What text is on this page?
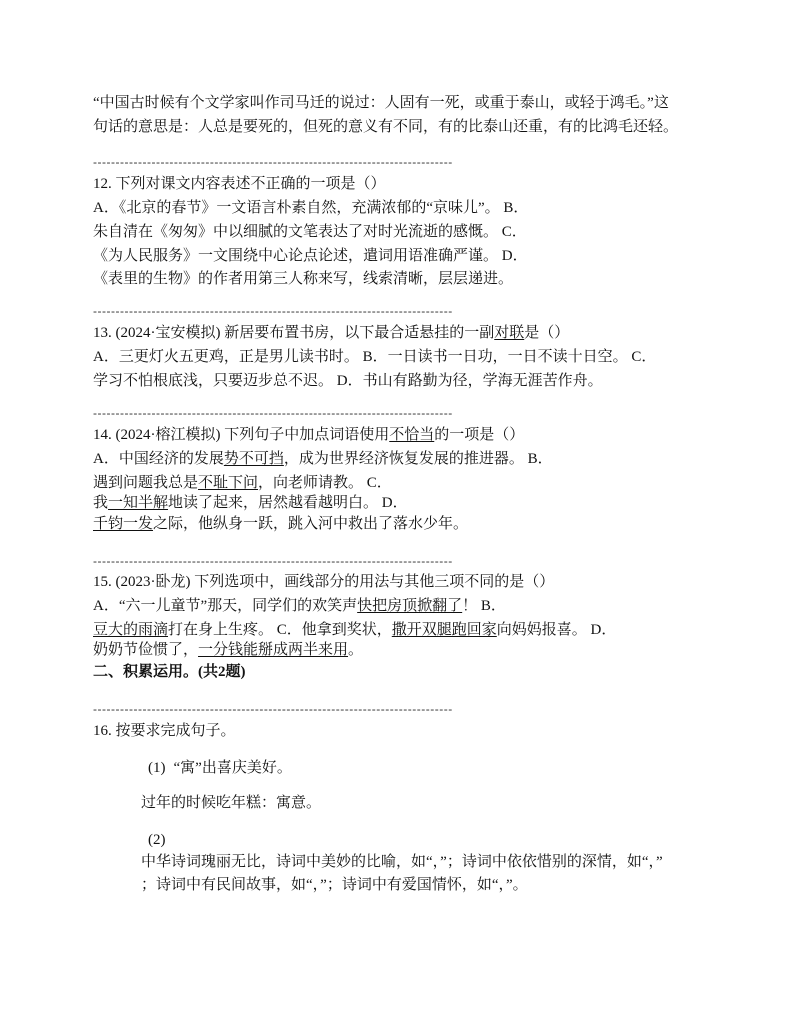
“中国古时候有个文学家叫作司马迁的说过：人固有一死，或重于泰山，或轻于鸿毛。”这
句话的意思是：人总是要死的，但死的意义有不同，有的比泰山还重，有的比鸿毛还轻。
--------------------------------------------------------------------------------
12. 下列对课文内容表述不正确的一项是（）
A．《北京的春节》一文语言朴素自然，充满浓郁的“京味儿”。 B．
朱自清在《匆匆》中以细腻的文笔表达了对时光流逝的感慨。 C．
《为人民服务》一文围绕中心论点论述，遣词用语准确严谨。 D．
《表里的生物》的作者用第三人称来写，线索清晰，层层递进。
--------------------------------------------------------------------------------
13. (2024·宝安模拟) 新居要布置书房，以下最合适悬挂的一副对联是（）
A．三更灯火五更鸡，正是男儿读书时。 B．一日读书一日功，一日不读十日空。 C．
学习不怕根底浅，只要迈步总不迟。 D．书山有路勤为径，学海无涯苦作舟。
--------------------------------------------------------------------------------
14. (2024·榕江模拟) 下列句子中加点词语使用不恰当的一项是（）
A．中国经济的发展势不可挡，成为世界经济恢复发展的推进器。 B．
遇到问题我总是不耻下问，向老师请教。 C．
我一知半解地读了起来，居然越看越明白。 D．
千钧一发之际，他纵身一跃，跳入河中救出了落水少年。
--------------------------------------------------------------------------------
15. (2023·卧龙) 下列选项中，画线部分的用法与其他三项不同的是（）
A．“六一儿童节”那天，同学们的欢笑声快把房顶掀翻了！ B．
豆大的雨滴打在身上生疼。 C．他拿到奖状，撒开双腿跑回家向妈妈报喜。 D．
奶奶节俭惯了，一分钱能掰成两半来用。
二、积累运用。(共2题)
--------------------------------------------------------------------------------
16. 按要求完成句子。
(1) “寓”出喜庆美好。
过年的时候吃年糕：寓意。
(2)
中华诗词瑰丽无比，诗词中美妙的比喻，如“，”；诗词中依依惜别的深情，如“，”
；诗词中有民间故事，如“，”；诗词中有爱国情怀，如“，”。
